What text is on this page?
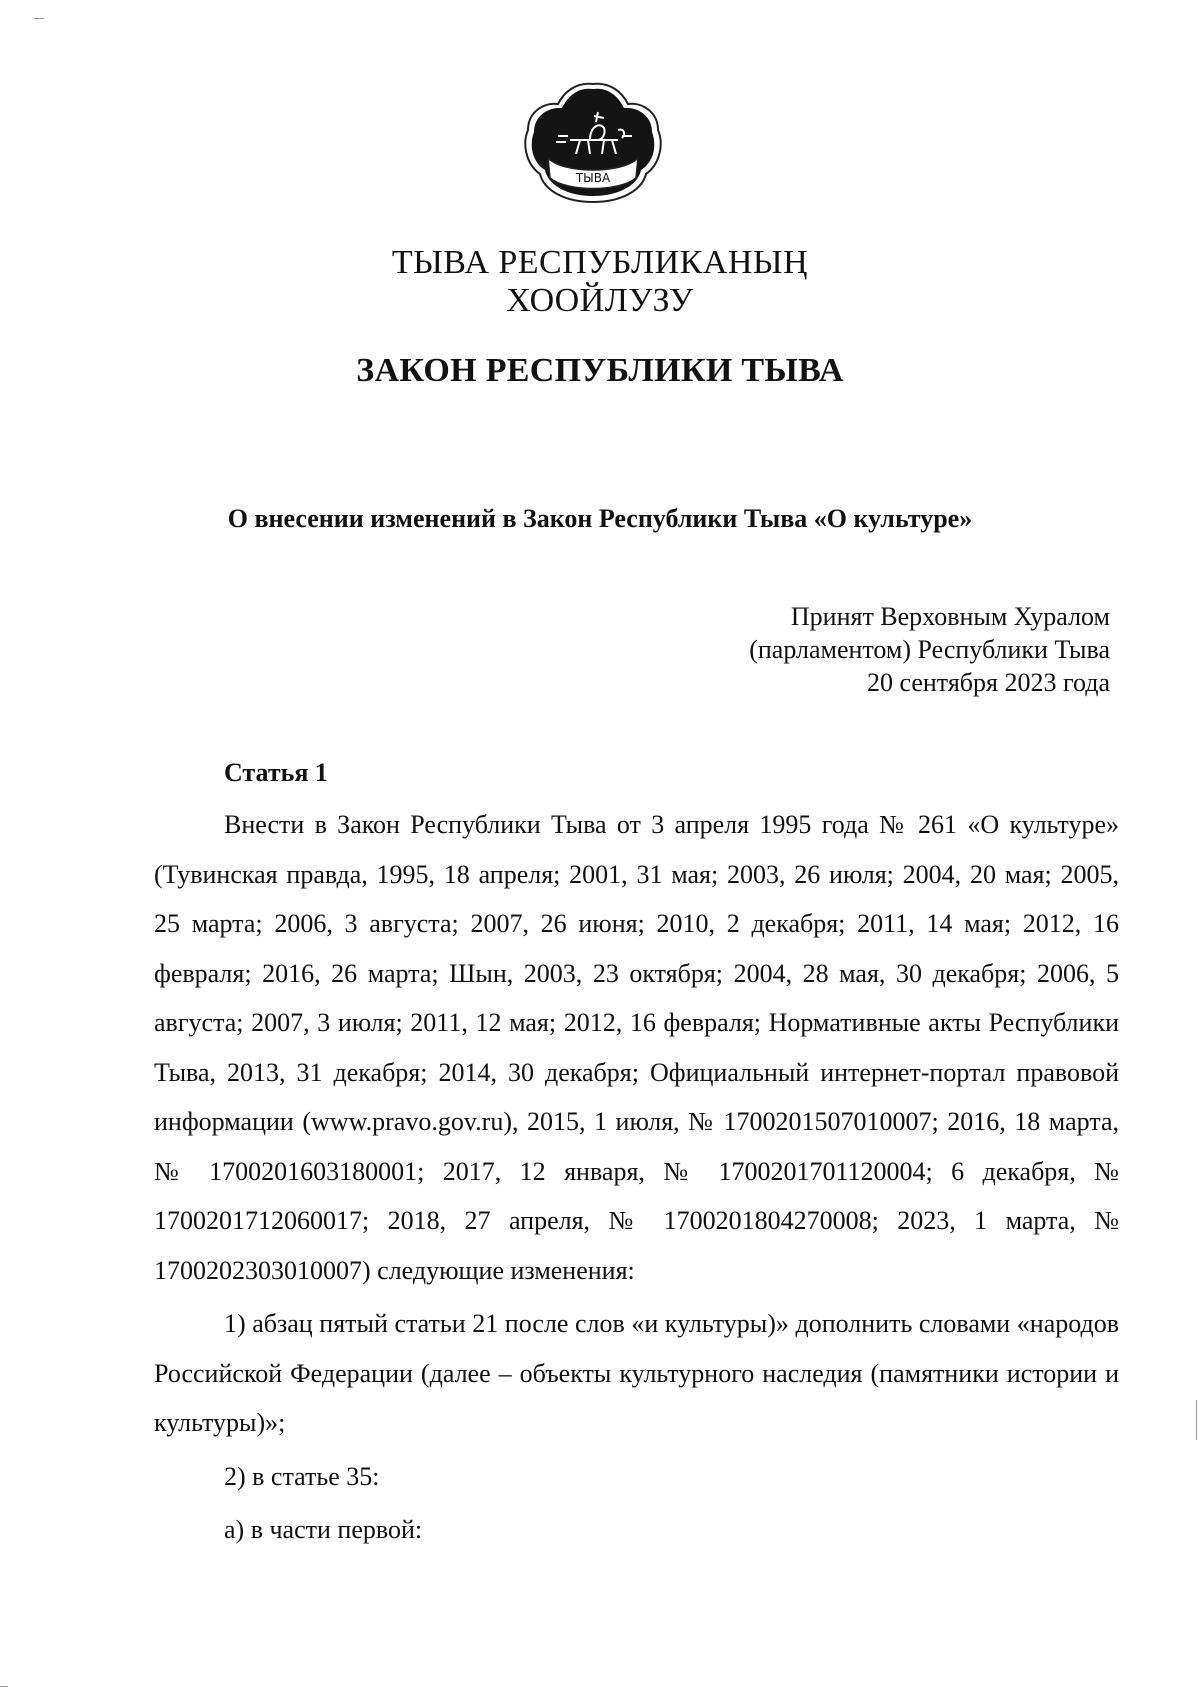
ТЫВА
ТЫВА РЕСПУБЛИКАНЫҢ
ХООЙЛУЗУ
ЗАКОН РЕСПУБЛИКИ ТЫВА
О внесении изменений в Закон Республики Тыва «О культуре»
Принят Верховным Хуралом
(парламентом) Республики Тыва
20 сентября 2023 года
Статья 1

Внести в Закон Республики Тыва от 3 апреля 1995 года № 261 «О культуре» (Тувинская правда, 1995, 18 апреля; 2001, 31 мая; 2003, 26 июля; 2004, 20 мая; 2005, 25 марта; 2006, 3 августа; 2007, 26 июня; 2010, 2 декабря; 2011, 14 мая; 2012, 16 февраля; 2016, 26 марта; Шын, 2003, 23 октября; 2004, 28 мая, 30 декабря; 2006, 5 августа; 2007, 3 июля; 2011, 12 мая; 2012, 16 февраля; Нормативные акты Республики Тыва, 2013, 31 декабря; 2014, 30 декабря; Официальный интернет-портал правовой информации (www.pravo.gov.ru), 2015, 1 июля, № 1700201507010007; 2016, 18 марта, № 1700201603180001; 2017, 12 января, № 1700201701120004; 6 декабря, № 1700201712060017; 2018, 27 апреля, № 1700201804270008; 2023, 1 марта, № 1700202303010007) следующие изменения:

1) абзац пятый статьи 21 после слов «и культуры)» дополнить словами «народов Российской Федерации (далее – объекты культурного наследия (памятники истории и культуры)»;

2) в статье 35:

а) в части первой:
